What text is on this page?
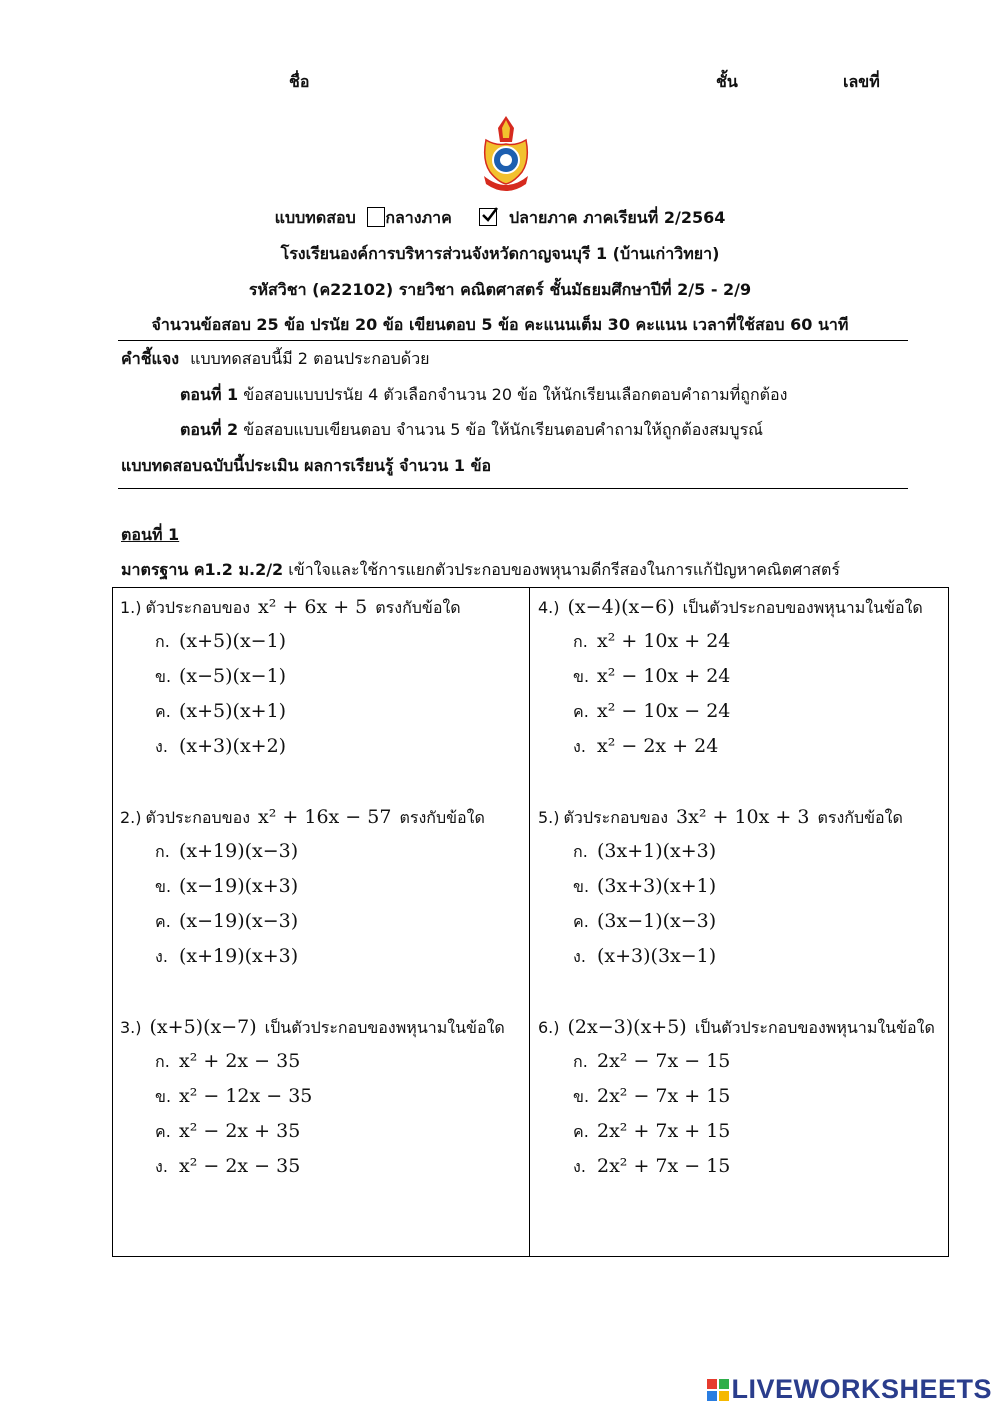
ชื่อ	ชั้น	เลขที่
แบบทดสอบ กลางภาค	ปลายภาค ภาคเรียนที่ 2/2564
โรงเรียนองค์การบริหารส่วนจังหวัดกาญจนบุรี 1 (บ้านเก่าวิทยา)
รหัสวิชา (ค22102) รายวิชา คณิตศาสตร์ ชั้นมัธยมศึกษาปีที่ 2/5 - 2/9
จำนวนข้อสอบ 25 ข้อ ปรนัย 20 ข้อ เขียนตอบ 5 ข้อ คะแนนเต็ม 30 คะแนน เวลาที่ใช้สอบ 60 นาที
คำชี้แจง แบบทดสอบนี้มี 2 ตอนประกอบด้วย
ตอนที่ 1 ข้อสอบแบบปรนัย 4 ตัวเลือกจำนวน 20 ข้อ ให้นักเรียนเลือกตอบคำถามที่ถูกต้อง
ตอนที่ 2 ข้อสอบแบบเขียนตอบ จำนวน 5 ข้อ ให้นักเรียนตอบคำถามให้ถูกต้องสมบูรณ์
แบบทดสอบฉบับนี้ประเมิน ผลการเรียนรู้ จำนวน 1 ข้อ
ตอนที่ 1
มาตรฐาน ค1.2 ม.2/2 เข้าใจและใช้การแยกตัวประกอบของพหุนามดีกรีสองในการแก้ปัญหาคณิตศาสตร์
1.) ตัวประกอบของ x² + 6x + 5 ตรงกับข้อใด
ก. (x+5)(x−1)
ข. (x−5)(x−1)
ค. (x+5)(x+1)
ง. (x+3)(x+2)
2.) ตัวประกอบของ x² + 16x − 57 ตรงกับข้อใด
ก. (x+19)(x−3)
ข. (x−19)(x+3)
ค. (x−19)(x−3)
ง. (x+19)(x+3)
3.) (x+5)(x−7) เป็นตัวประกอบของพหุนามในข้อใด
ก. x² + 2x − 35
ข. x² − 12x − 35
ค. x² − 2x + 35
ง. x² − 2x − 35
4.) (x−4)(x−6) เป็นตัวประกอบของพหุนามในข้อใด
ก. x² + 10x + 24
ข. x² − 10x + 24
ค. x² − 10x − 24
ง. x² − 2x + 24
5.) ตัวประกอบของ 3x² + 10x + 3 ตรงกับข้อใด
ก. (3x+1)(x+3)
ข. (3x+3)(x+1)
ค. (3x−1)(x−3)
ง. (x+3)(3x−1)
6.) (2x−3)(x+5) เป็นตัวประกอบของพหุนามในข้อใด
ก. 2x² − 7x − 15
ข. 2x² − 7x + 15
ค. 2x² + 7x + 15
ง. 2x² + 7x − 15
LIVEWORKSHEETS
